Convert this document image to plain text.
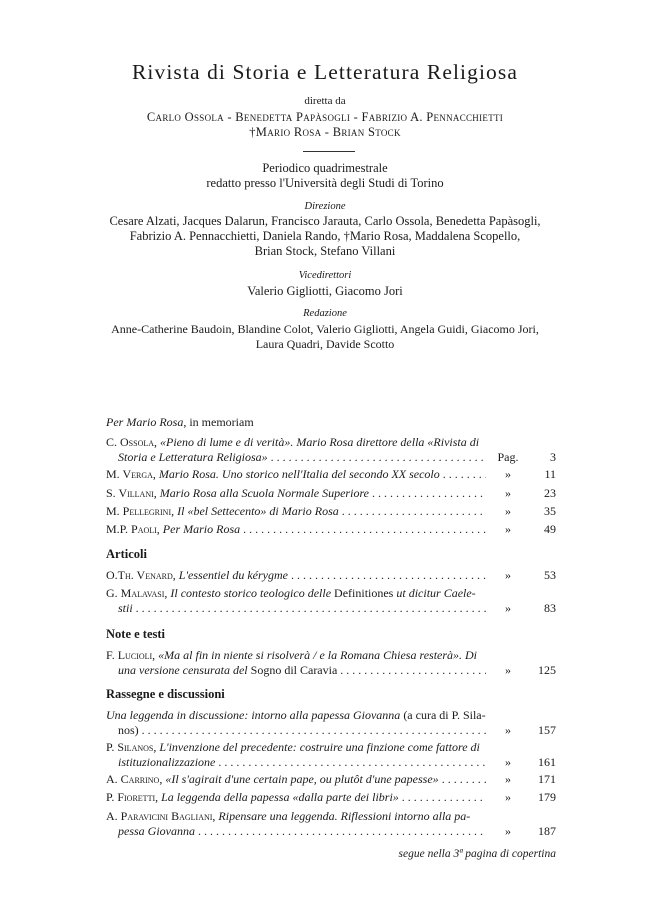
Rivista di Storia e Letteratura Religiosa
diretta da
Carlo Ossola - Benedetta Papàsogli - Fabrizio A. Pennacchietti
†Mario Rosa - Brian Stock
Periodico quadrimestrale
redatto presso l'Università degli Studi di Torino
Direzione
Cesare Alzati, Jacques Dalarun, Francisco Jarauta, Carlo Ossola, Benedetta Papàsogli,
Fabrizio A. Pennacchietti, Daniela Rando, †Mario Rosa, Maddalena Scopello,
Brian Stock, Stefano Villani
Vicedirettori
Valerio Gigliotti, Giacomo Jori
Redazione
Anne-Catherine Baudoin, Blandine Colot, Valerio Gigliotti, Angela Guidi, Giacomo Jori,
Laura Quadri, Davide Scotto
Per Mario Rosa, in memoriam
C. Ossola, «Pieno di lume e di verità». Mario Rosa direttore della «Rivista di
Storia e Letteratura Religiosa» . . .	Pag.	3
M. Verga, Mario Rosa. Uno storico nell'Italia del secondo XX secolo . . .	»	11
S. Villani, Mario Rosa alla Scuola Normale Superiore . . .	»	23
M. Pellegrini, Il «bel Settecento» di Mario Rosa . . .	»	35
M.P. Paoli, Per Mario Rosa . . .	»	49
Articoli
O.Th. Venard, L'essentiel du kérygme . . .	»	53
G. Malavasi, Il contesto storico teologico delle Definitiones ut dicitur Caele-
stii . . .	»	83
Note e testi
F. Lucioli, «Ma al fin in niente si risolverà / e la Romana Chiesa resterà». Di
una versione censurata del Sogno dil Caravia . . .	»	125
Rassegne e discussioni
Una leggenda in discussione: intorno alla papessa Giovanna (a cura di P. Sila-
nos) . . .	»	157
P. Silanos, L'invenzione del precedente: costruire una finzione come fattore di
istituzionalizzazione . . .	»	161
A. Carrino, «Il s'agirait d'une certain pape, ou plutôt d'une papesse» . . .	»	171
P. Fioretti, La leggenda della papessa «dalla parte dei libri» . . .	»	179
A. Paravicini Bagliani, Ripensare una leggenda. Riflessioni intorno alla pa-
pessa Giovanna . . .	»	187
segue nella 3ª pagina di copertina
